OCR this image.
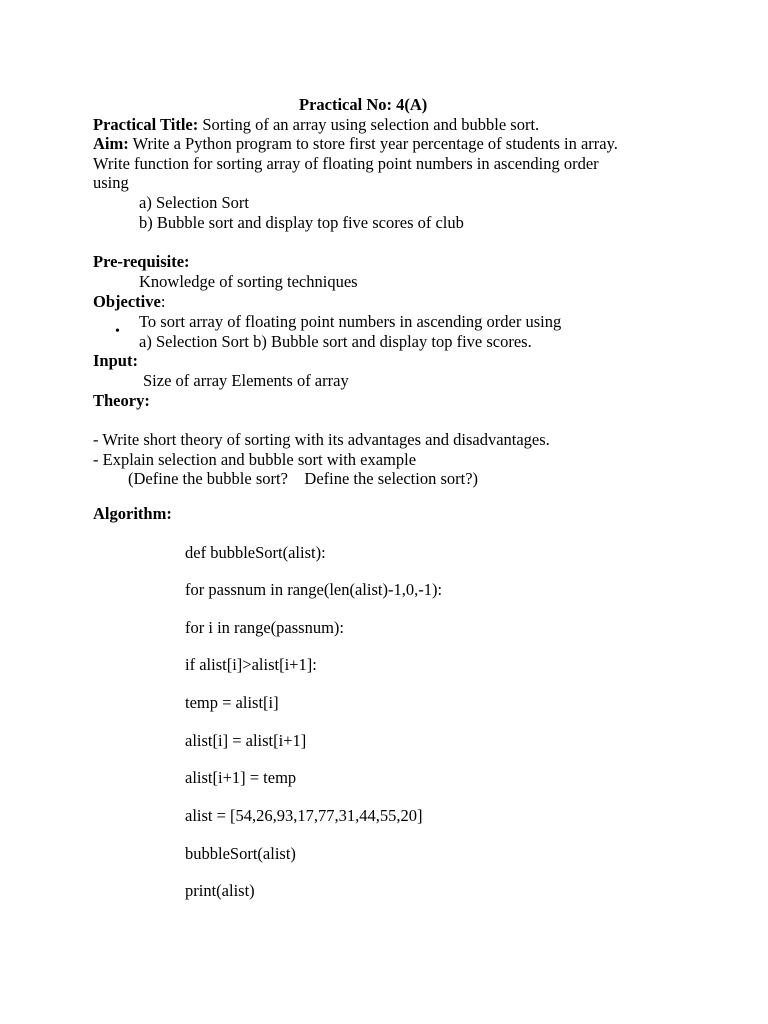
Practical No: 4(A)
Practical Title: Sorting of an array using selection and bubble sort.
Aim: Write a Python program to store first year percentage of students in array.
Write function for sorting array of floating point numbers in ascending order
using
a) Selection Sort
b) Bubble sort and display top five scores of club
Pre-requisite:
Knowledge of sorting techniques
Objective:
•
To sort array of floating point numbers in ascending order using
a) Selection Sort b) Bubble sort and display top five scores.
Input:
Size of array Elements of array
Theory:
- Write short theory of sorting with its advantages and disadvantages.
- Explain selection and bubble sort with example
(Define the bubble sort?    Define the selection sort?)
Algorithm:
def bubbleSort(alist):
for passnum in range(len(alist)-1,0,-1):
for i in range(passnum):
if alist[i]>alist[i+1]:
temp = alist[i]
alist[i] = alist[i+1]
alist[i+1] = temp
alist = [54,26,93,17,77,31,44,55,20]
bubbleSort(alist)
print(alist)
